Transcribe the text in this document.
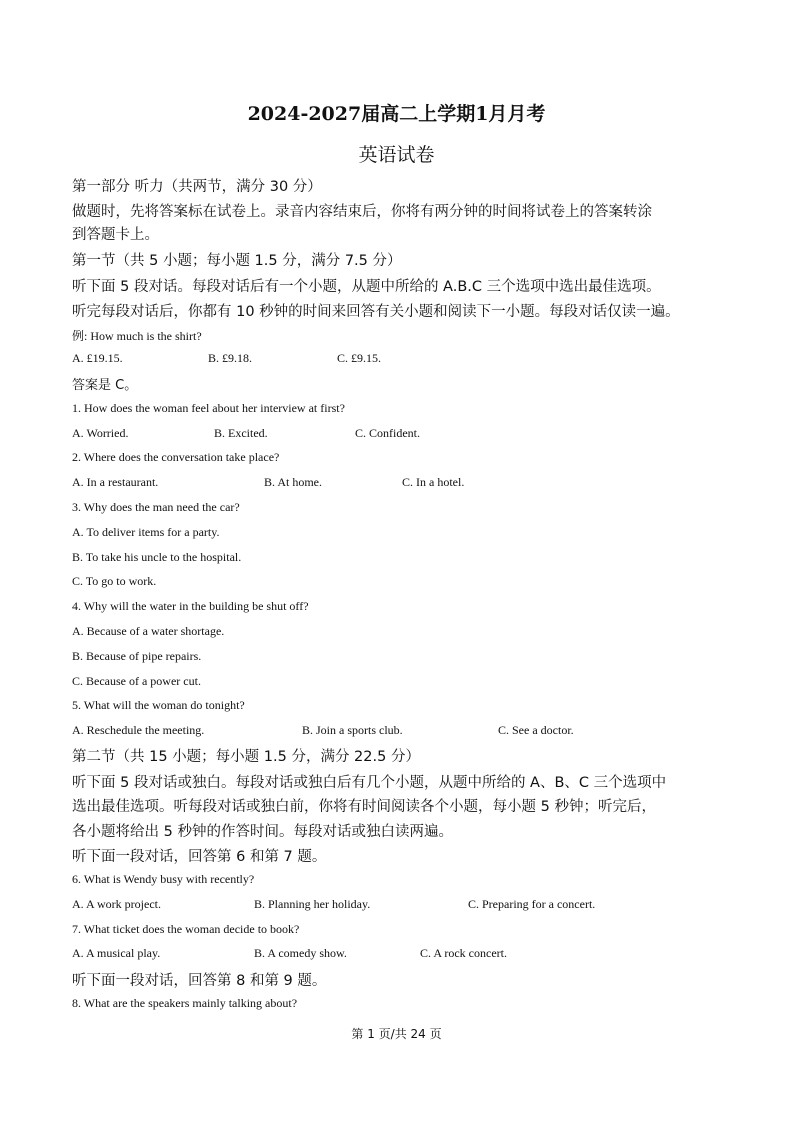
2024-2027届高二上学期1月月考
英语试卷
第一部分 听力（共两节，满分 30 分）
做题时，先将答案标在试卷上。录音内容结束后，你将有两分钟的时间将试卷上的答案转涂
到答题卡上。
第一节（共 5 小题；每小题 1.5 分，满分 7.5 分）
听下面 5 段对话。每段对话后有一个小题，从题中所给的 A.B.C 三个选项中选出最佳选项。
听完每段对话后，你都有 10 秒钟的时间来回答有关小题和阅读下一小题。每段对话仅读一遍。
例: How much is the shirt?
A. £19.15.	B. £9.18.	C. £9.15.
答案是 C。
1. How does the woman feel about her interview at first?
A. Worried.	B. Excited.	C. Confident.
2. Where does the conversation take place?
A. In a restaurant.	B. At home.	C. In a hotel.
3. Why does the man need the car?
A. To deliver items for a party.
B. To take his uncle to the hospital.
C. To go to work.
4. Why will the water in the building be shut off?
A. Because of a water shortage.
B. Because of pipe repairs.
C. Because of a power cut.
5. What will the woman do tonight?
A. Reschedule the meeting.	B. Join a sports club.	C. See a doctor.
第二节（共 15 小题；每小题 1.5 分，满分 22.5 分）
听下面 5 段对话或独白。每段对话或独白后有几个小题，从题中所给的 A、B、C 三个选项中
选出最佳选项。听每段对话或独白前，你将有时间阅读各个小题，每小题 5 秒钟；听完后，
各小题将给出 5 秒钟的作答时间。每段对话或独白读两遍。
听下面一段对话，回答第 6 和第 7 题。
6. What is Wendy busy with recently?
A. A work project.	B. Planning her holiday.	C. Preparing for a concert.
7. What ticket does the woman decide to book?
A. A musical play.	B. A comedy show.	C. A rock concert.
听下面一段对话，回答第 8 和第 9 题。
8. What are the speakers mainly talking about?
第 1 页/共 24 页
